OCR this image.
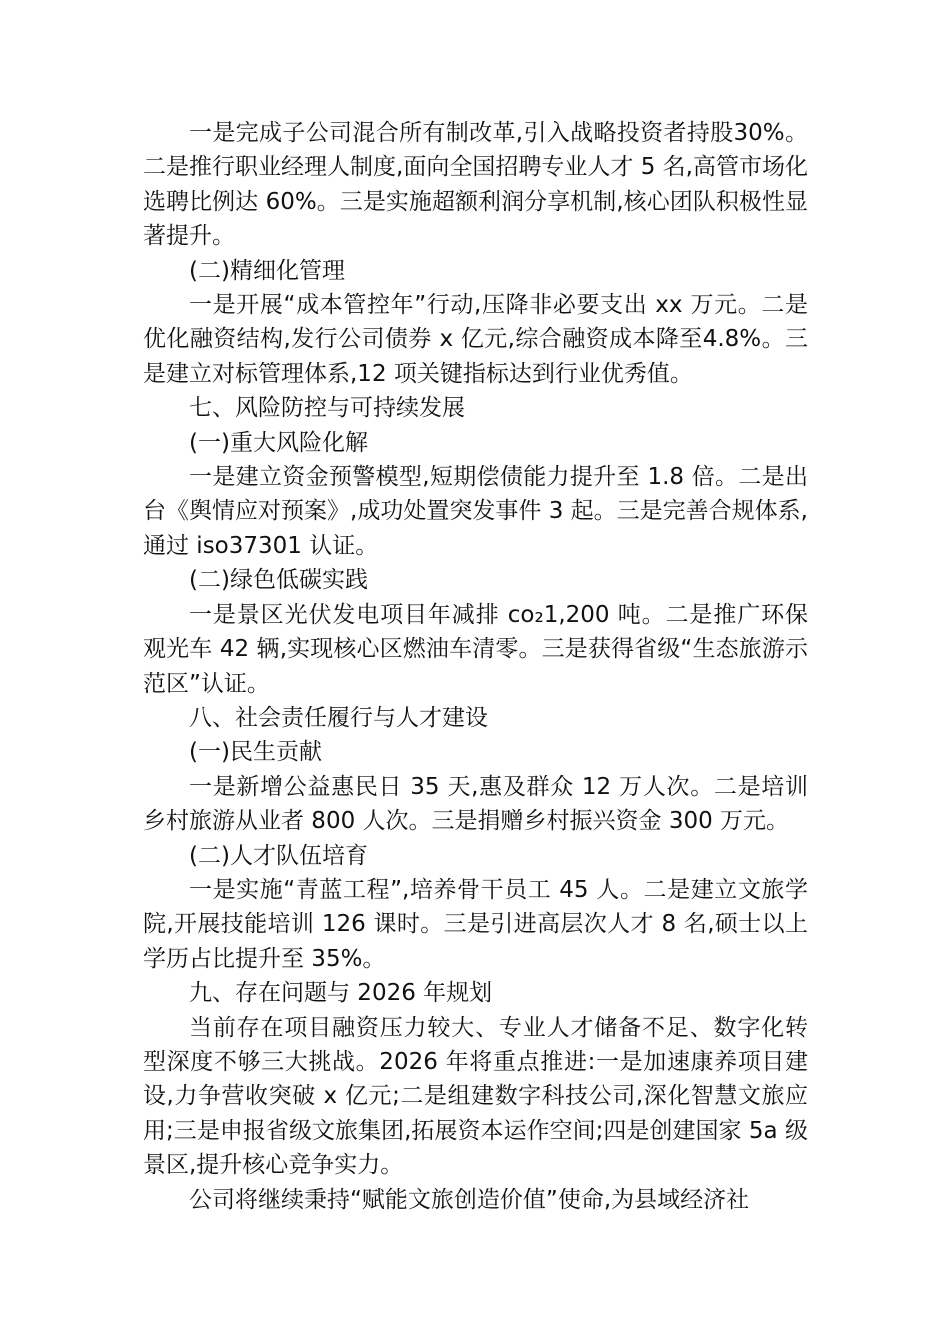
一是完成子公司混合所有制改革,引入战略投资者持股30%。二是推行职业经理人制度,面向全国招聘专业人才 5 名,高管市场化选聘比例达 60%。三是实施超额利润分享机制,核心团队积极性显著提升。

(二)精细化管理

一是开展“成本管控年”行动,压降非必要支出 xx 万元。二是优化融资结构,发行公司债券 x 亿元,综合融资成本降至4.8%。三是建立对标管理体系,12 项关键指标达到行业优秀值。

七、风险防控与可持续发展

(一)重大风险化解

一是建立资金预警模型,短期偿债能力提升至 1.8 倍。二是出台《舆情应对预案》,成功处置突发事件 3 起。三是完善合规体系,通过 iso37301 认证。

(二)绿色低碳实践

一是景区光伏发电项目年减排 co₂1,200 吨。二是推广环保观光车 42 辆,实现核心区燃油车清零。三是获得省级“生态旅游示范区”认证。

八、社会责任履行与人才建设

(一)民生贡献

一是新增公益惠民日 35 天,惠及群众 12 万人次。二是培训乡村旅游从业者 800 人次。三是捐赠乡村振兴资金 300 万元。

(二)人才队伍培育

一是实施“青蓝工程”,培养骨干员工 45 人。二是建立文旅学院,开展技能培训 126 课时。三是引进高层次人才 8 名,硕士以上学历占比提升至 35%。

九、存在问题与 2026 年规划

当前存在项目融资压力较大、专业人才储备不足、数字化转型深度不够三大挑战。2026 年将重点推进:一是加速康养项目建设,力争营收突破 x 亿元;二是组建数字科技公司,深化智慧文旅应用;三是申报省级文旅集团,拓展资本运作空间;四是创建国家 5a 级景区,提升核心竞争实力。

公司将继续秉持“赋能文旅创造价值”使命,为县域经济社
